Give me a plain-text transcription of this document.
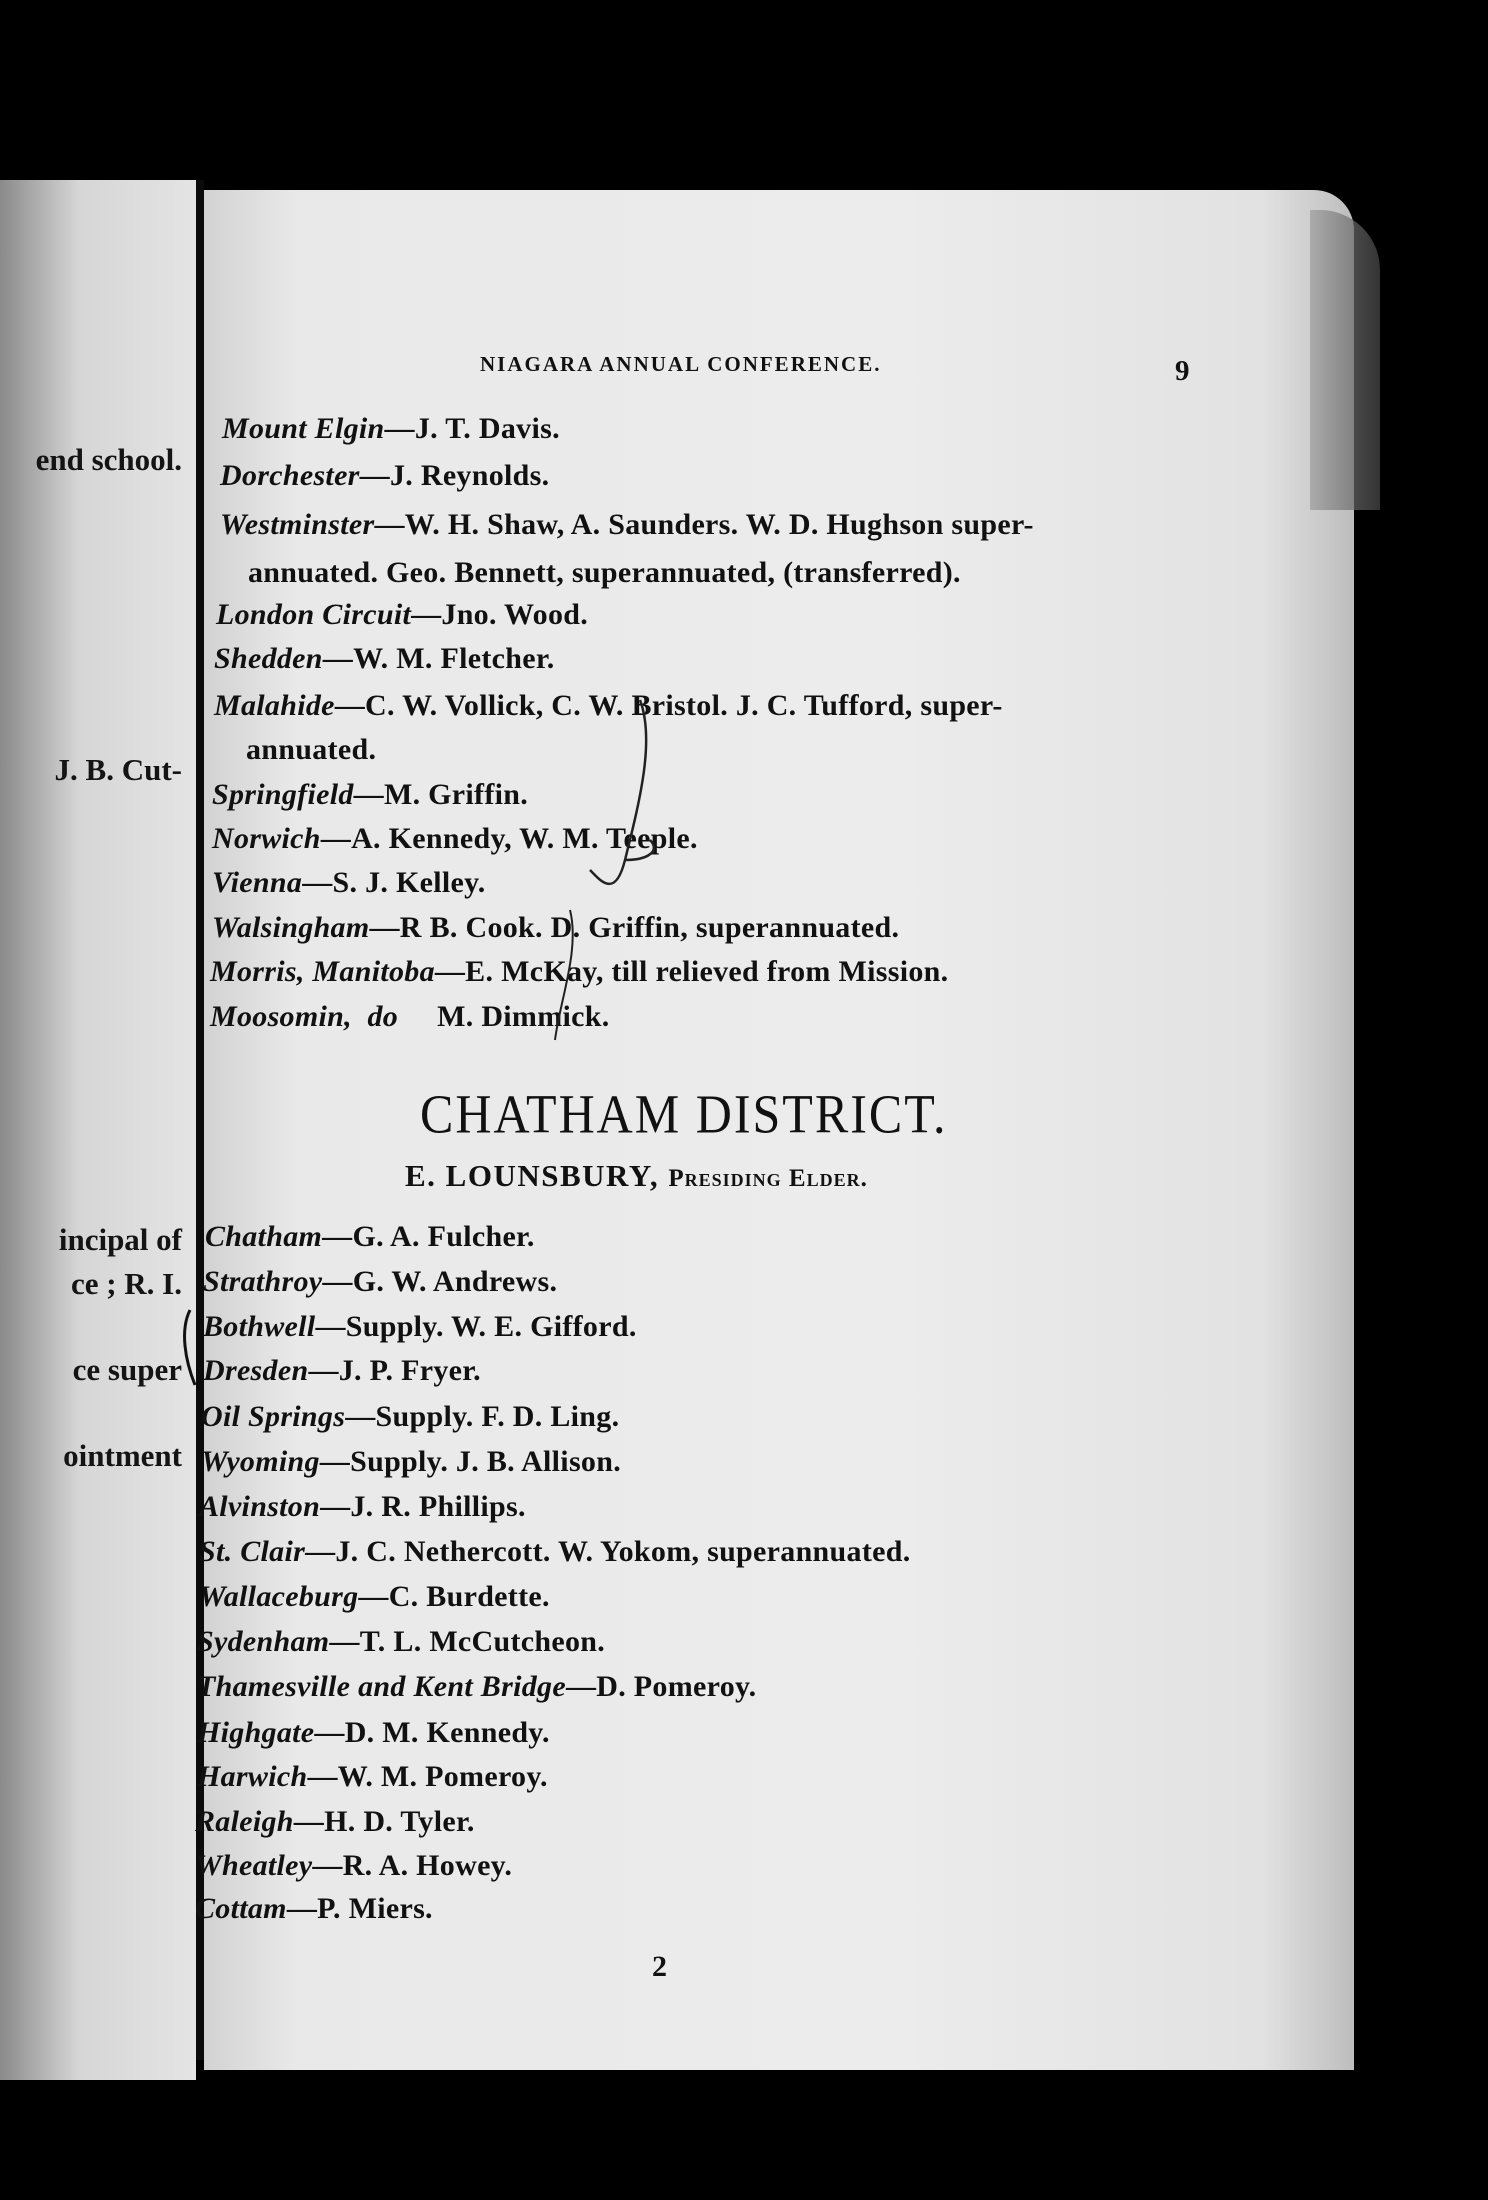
end school.
J. B. Cut-
incipal of
ce ; R. I.
ce super
ointment
NIAGARA ANNUAL CONFERENCE.	9
Mount Elgin—J. T. Davis.
Dorchester—J. Reynolds.
Westminster—W. H. Shaw, A. Saunders. W. D. Hughson super-
annuated. Geo. Bennett, superannuated, (transferred).
London Circuit—Jno. Wood.
Shedden—W. M. Fletcher.
Malahide—C. W. Vollick, C. W. Bristol. J. C. Tufford, super-
annuated.
Springfield—M. Griffin.
Norwich—A. Kennedy, W. M. Teeple.
Vienna—S. J. Kelley.
Walsingham—R B. Cook. D. Griffin, superannuated.
Morris, Manitoba—E. McKay, till relieved from Mission.
Moosomin,  do     M. Dimmick.
CHATHAM DISTRICT.
E. LOUNSBURY, Presiding Elder.
Chatham—G. A. Fulcher.
Strathroy—G. W. Andrews.
Bothwell—Supply. W. E. Gifford.
Dresden—J. P. Fryer.
Oil Springs—Supply. F. D. Ling.
Wyoming—Supply. J. B. Allison.
Alvinston—J. R. Phillips.
St. Clair—J. C. Nethercott. W. Yokom, superannuated.
Wallaceburg—C. Burdette.
Sydenham—T. L. McCutcheon.
Thamesville and Kent Bridge—D. Pomeroy.
Highgate—D. M. Kennedy.
Harwich—W. M. Pomeroy.
Raleigh—H. D. Tyler.
Wheatley—R. A. Howey.
Cottam—P. Miers.
2
